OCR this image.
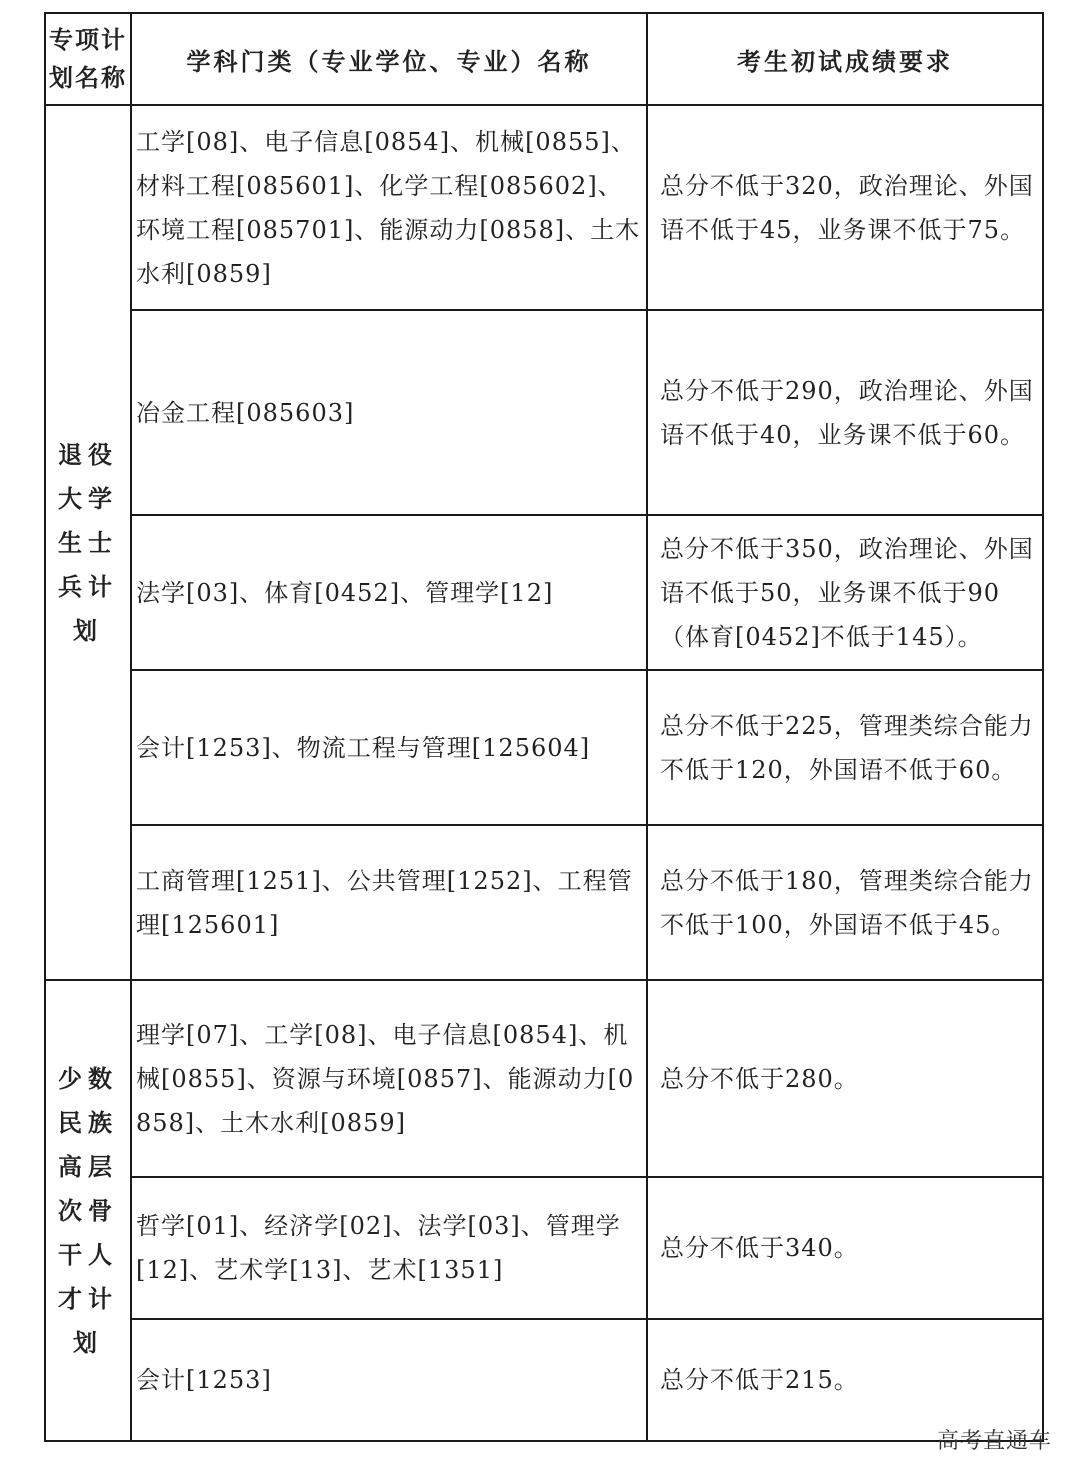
专项计划名称	学科门类（专业学位、专业）名称	考生初试成绩要求
退役大学生士兵计划	工学[08]、电子信息[0854]、机械[0855]、材料工程[085601]、化学工程[085602]、环境工程[085701]、能源动力[0858]、土木水利[0859]	总分不低于320，政治理论、外国语不低于45，业务课不低于75。
	冶金工程[085603]	总分不低于290，政治理论、外国语不低于40，业务课不低于60。
	法学[03]、体育[0452]、管理学[12]	总分不低于350，政治理论、外国语不低于50，业务课不低于90（体育[0452]不低于145）。
	会计[1253]、物流工程与管理[125604]	总分不低于225，管理类综合能力不低于120，外国语不低于60。
	工商管理[1251]、公共管理[1252]、工程管理[125601]	总分不低于180，管理类综合能力不低于100，外国语不低于45。
少数民族高层次骨干人才计划	理学[07]、工学[08]、电子信息[0854]、机械[0855]、资源与环境[0857]、能源动力[0858]、土木水利[0859]	总分不低于280。
	哲学[01]、经济学[02]、法学[03]、管理学[12]、艺术学[13]、艺术[1351]	总分不低于340。
	会计[1253]	总分不低于215。
高考直通车
